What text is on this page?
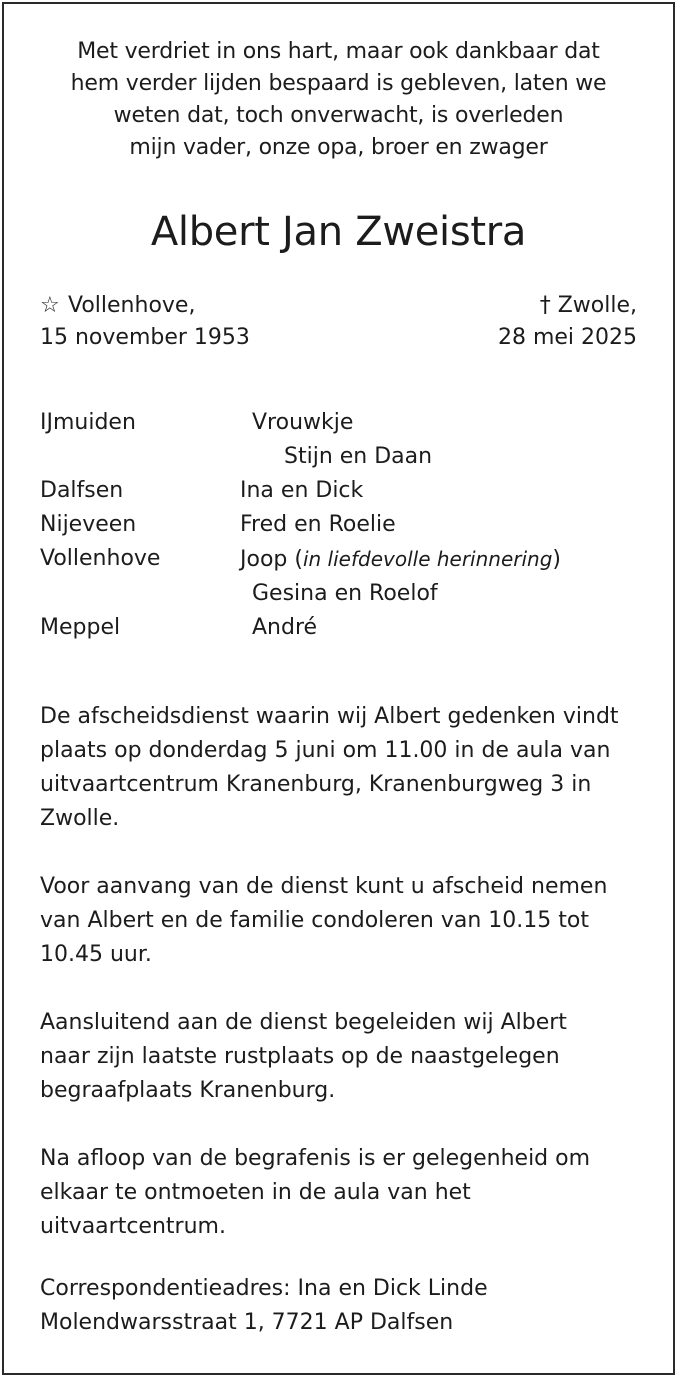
Met verdriet in ons hart, maar ook dankbaar dat
hem verder lijden bespaard is gebleven, laten we
weten dat, toch onverwacht, is overleden
mijn vader, onze opa, broer en zwager
Albert Jan Zweistra
☆ Vollenhove,
15 november 1953
† Zwolle,
28 mei 2025
IJmuiden	Vrouwkje
Stijn en Daan
Dalfsen	Ina en Dick
Nijeveen	Fred en Roelie
Vollenhove	Joop (in liefdevolle herinnering)
Gesina en Roelof
Meppel	André
De afscheidsdienst waarin wij Albert gedenken vindt
plaats op donderdag 5 juni om 11.00 in de aula van
uitvaartcentrum Kranenburg, Kranenburgweg 3 in
Zwolle.
Voor aanvang van de dienst kunt u afscheid nemen
van Albert en de familie condoleren van 10.15 tot
10.45 uur.
Aansluitend aan de dienst begeleiden wij Albert
naar zijn laatste rustplaats op de naastgelegen
begraafplaats Kranenburg.
Na afloop van de begrafenis is er gelegenheid om
elkaar te ontmoeten in de aula van het
uitvaartcentrum.
Correspondentieadres: Ina en Dick Linde
Molendwarsstraat 1, 7721 AP Dalfsen
